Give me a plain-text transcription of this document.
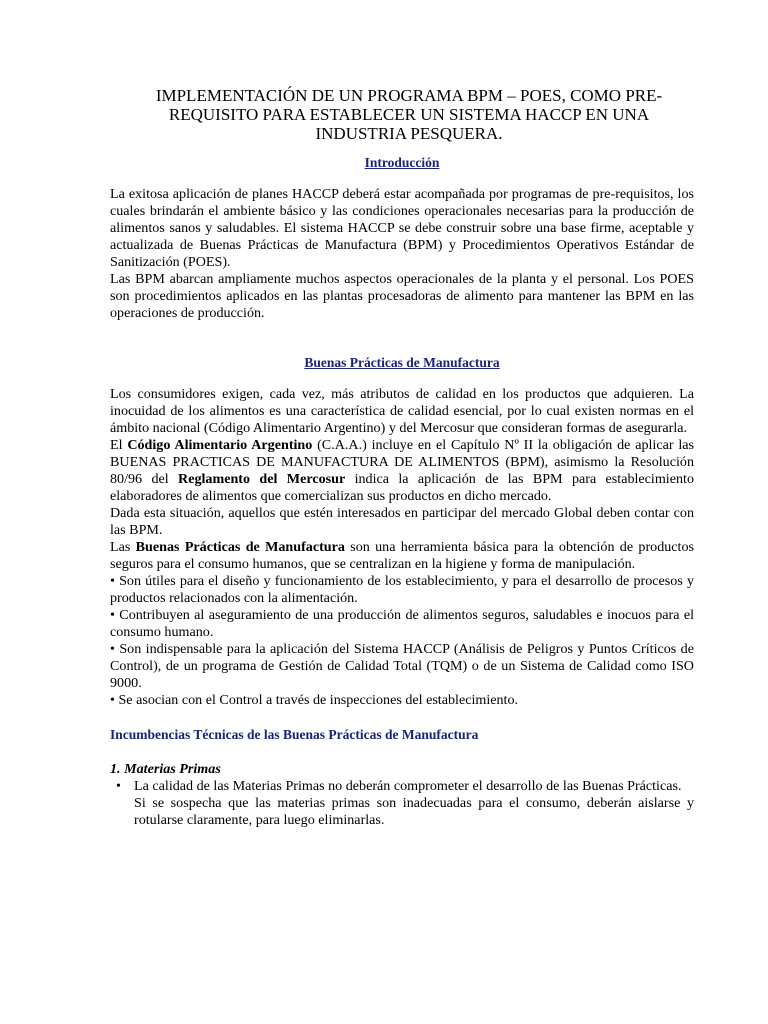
IMPLEMENTACIÓN DE UN PROGRAMA BPM – POES, COMO PRE-REQUISITO PARA ESTABLECER UN SISTEMA HACCP EN UNA INDUSTRIA PESQUERA.
Introducción

La exitosa aplicación de planes HACCP deberá estar acompañada por programas de pre-requisitos, los cuales brindarán el ambiente básico y las condiciones operacionales necesarias para la producción de alimentos sanos y saludables. El sistema HACCP se debe construir sobre una base firme, aceptable y actualizada de Buenas Prácticas de Manufactura (BPM) y Procedimientos Operativos Estándar de Sanitización (POES).

Las BPM abarcan ampliamente muchos aspectos operacionales de la planta y el personal. Los POES son procedimientos aplicados en las plantas procesadoras de alimento para mantener las BPM en las operaciones de producción.

Buenas Prácticas de Manufactura

Los consumidores exigen, cada vez, más atributos de calidad en los productos que adquieren. La inocuidad de los alimentos es una característica de calidad esencial, por lo cual existen normas en el ámbito nacional (Código Alimentario Argentino) y del Mercosur que consideran formas de asegurarla.

El Código Alimentario Argentino (C.A.A.) incluye en el Capítulo Nº II la obligación de aplicar las BUENAS PRACTICAS DE MANUFACTURA DE ALIMENTOS (BPM), asimismo la Resolución 80/96 del Reglamento del Mercosur indica la aplicación de las BPM para establecimiento elaboradores de alimentos que comercializan sus productos en dicho mercado.

Dada esta situación, aquellos que estén interesados en participar del mercado Global deben contar con las BPM.

Las Buenas Prácticas de Manufactura son una herramienta básica para la obtención de productos seguros para el consumo humanos, que se centralizan en la higiene y forma de manipulación.

• Son útiles para el diseño y funcionamiento de los establecimiento, y para el desarrollo de procesos y productos relacionados con la alimentación.

• Contribuyen al aseguramiento de una producción de alimentos seguros, saludables e inocuos para el consumo humano.

• Son indispensable para la aplicación del Sistema HACCP (Análisis de Peligros y Puntos Críticos de Control), de un programa de Gestión de Calidad Total (TQM) o de un Sistema de Calidad como ISO 9000.

• Se asocian con el Control a través de inspecciones del establecimiento.

Incumbencias Técnicas de las Buenas Prácticas de Manufactura
1. Materias Primas
• La calidad de las Materias Primas no deberán comprometer el desarrollo de las Buenas Prácticas.
Si se sospecha que las materias primas son inadecuadas para el consumo, deberán aislarse y rotularse claramente, para luego eliminarlas.
